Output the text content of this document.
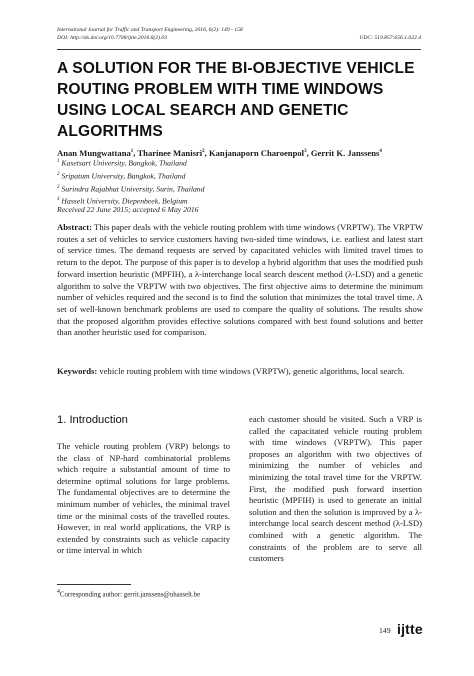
International Journal for Traffic and Transport Engineering, 2016, 6(2): 149 - 158
DOI: http://dx.doi.org/10.7708/ijtte.2016.6(2).03	UDC: 519.857:656.1.022.4
A SOLUTION FOR THE BI-OBJECTIVE VEHICLE ROUTING PROBLEM WITH TIME WINDOWS USING LOCAL SEARCH AND GENETIC ALGORITHMS

Anan Mungwattana$^1$, Tharinee Manisri$^2$, Kanjanaporn Charoenpol$^3$, Gerrit K. Janssens$^4$

$^1$ Kasetsart University, Bangkok, Thailand
$^2$ Sripatum University, Bangkok, Thailand
$^3$ Surindra Rajabhat University, Surin, Thailand
$^4$ Hasselt University, Diepenbeek, Belgium
Received 22 June 2015; accepted 6 May 2016

Abstract: This paper deals with the vehicle routing problem with time windows (VRPTW). The VRPTW routes a set of vehicles to service customers having two-sided time windows, i.e. earliest and latest start of service times. The demand requests are served by capacitated vehicles with limited travel times to return to the depot. The purpose of this paper is to develop a hybrid algorithm that uses the modified push forward insertion heuristic (MPFIH), a λ-interchange local search descent method (λ-LSD) and a genetic algorithm to solve the VRPTW with two objectives. The first objective aims to determine the minimum number of vehicles required and the second is to find the solution that minimizes the total travel time. A set of well-known benchmark problems are used to compare the quality of solutions. The results show that the proposed algorithm provides effective solutions compared with best found solutions and better than another heuristic used for comparison.

Keywords: vehicle routing problem with time windows (VRPTW), genetic algorithms, local search.

1. Introduction

The vehicle routing problem (VRP) belongs to the class of NP-hard combinatorial problems which require a substantial amount of time to determine optimal solutions for large problems. The fundamental objectives are to determine the minimum number of vehicles, the minimal travel time or the minimal costs of the travelled routes. However, in real world applications, the VRP is extended by constraints such as vehicle capacity or time interval in which

each customer should be visited. Such a VRP is called the capacitated vehicle routing problem with time windows (VRPTW). This paper proposes an algorithm with two objectives of minimizing the number of vehicles and minimizing the total travel time for the VRPTW. First, the modified push forward insertion heuristic (MPFIH) is used to generate an initial solution and then the solution is improved by a λ-interchange local search descent method (λ-LSD) combined with a genetic algorithm. The constraints of the problem are to serve all customers

$^4$Corresponding author: gerrit.janssens@uhasselt.be
149 ijtte
